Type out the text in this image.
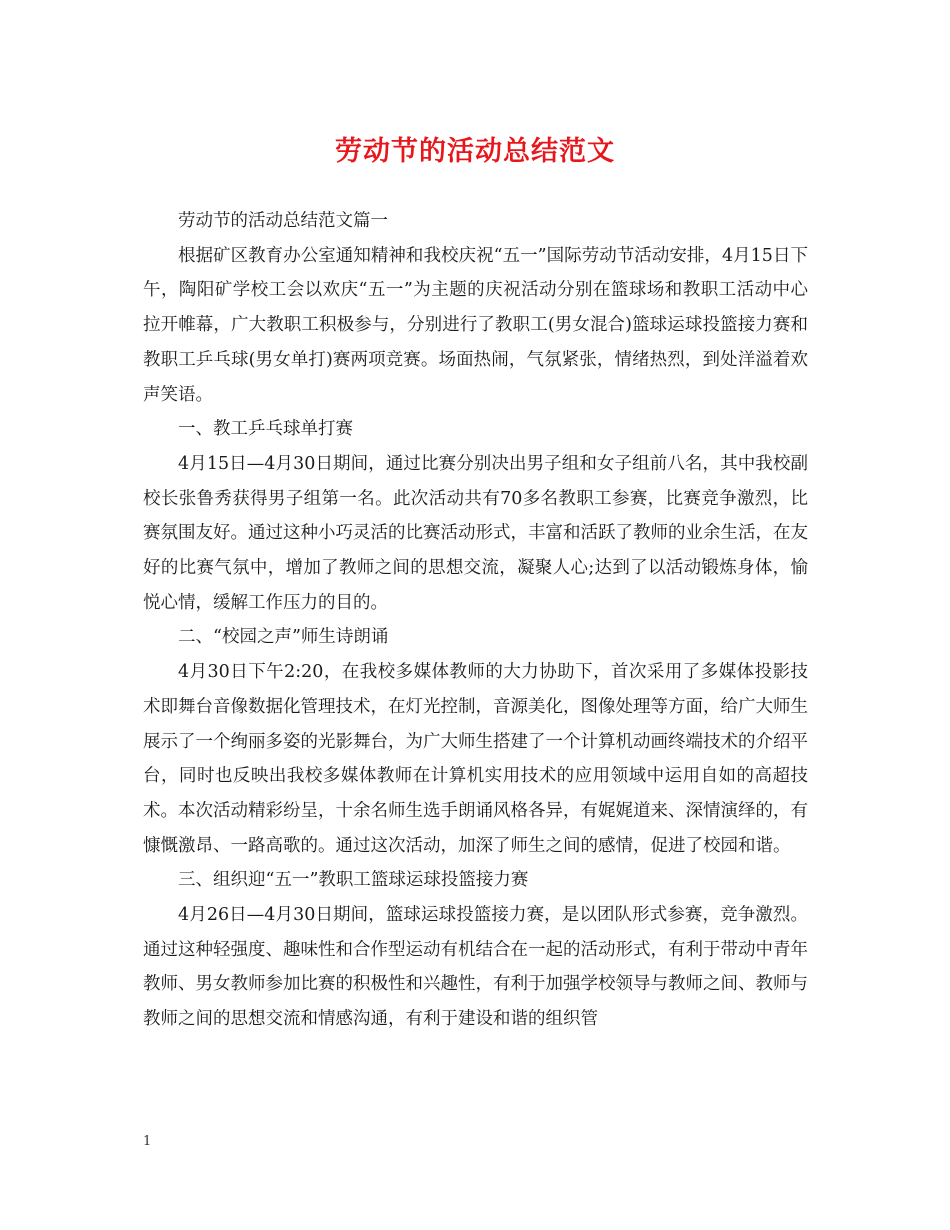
劳动节的活动总结范文

劳动节的活动总结范文篇一

根据矿区教育办公室通知精神和我校庆祝“五一”国际劳动节活动安排，4月15日下午，陶阳矿学校工会以欢庆“五一”为主题的庆祝活动分别在篮球场和教职工活动中心拉开帷幕，广大教职工积极参与，分别进行了教职工(男女混合)篮球运球投篮接力赛和教职工乒乓球(男女单打)赛两项竞赛。场面热闹，气氛紧张，情绪热烈，到处洋溢着欢声笑语。

一、教工乒乓球单打赛

4月15日—4月30日期间，通过比赛分别决出男子组和女子组前八名，其中我校副校长张鲁秀获得男子组第一名。此次活动共有70多名教职工参赛，比赛竞争激烈，比赛氛围友好。通过这种小巧灵活的比赛活动形式，丰富和活跃了教师的业余生活，在友好的比赛气氛中，增加了教师之间的思想交流，凝聚人心;达到了以活动锻炼身体，愉悦心情，缓解工作压力的目的。

二、“校园之声”师生诗朗诵

4月30日下午2:20，在我校多媒体教师的大力协助下，首次采用了多媒体投影技术即舞台音像数据化管理技术，在灯光控制，音源美化，图像处理等方面，给广大师生展示了一个绚丽多姿的光影舞台，为广大师生搭建了一个计算机动画终端技术的介绍平台，同时也反映出我校多媒体教师在计算机实用技术的应用领域中运用自如的高超技术。本次活动精彩纷呈，十余名师生选手朗诵风格各异，有娓娓道来、深情演绎的，有慷慨激昂、一路高歌的。通过这次活动，加深了师生之间的感情，促进了校园和谐。

三、组织迎“五一”教职工篮球运球投篮接力赛

4月26日—4月30日期间，篮球运球投篮接力赛，是以团队形式参赛，竞争激烈。通过这种轻强度、趣味性和合作型运动有机结合在一起的活动形式，有利于带动中青年教师、男女教师参加比赛的积极性和兴趣性，有利于加强学校领导与教师之间、教师与教师之间的思想交流和情感沟通，有利于建设和谐的组织管

1
